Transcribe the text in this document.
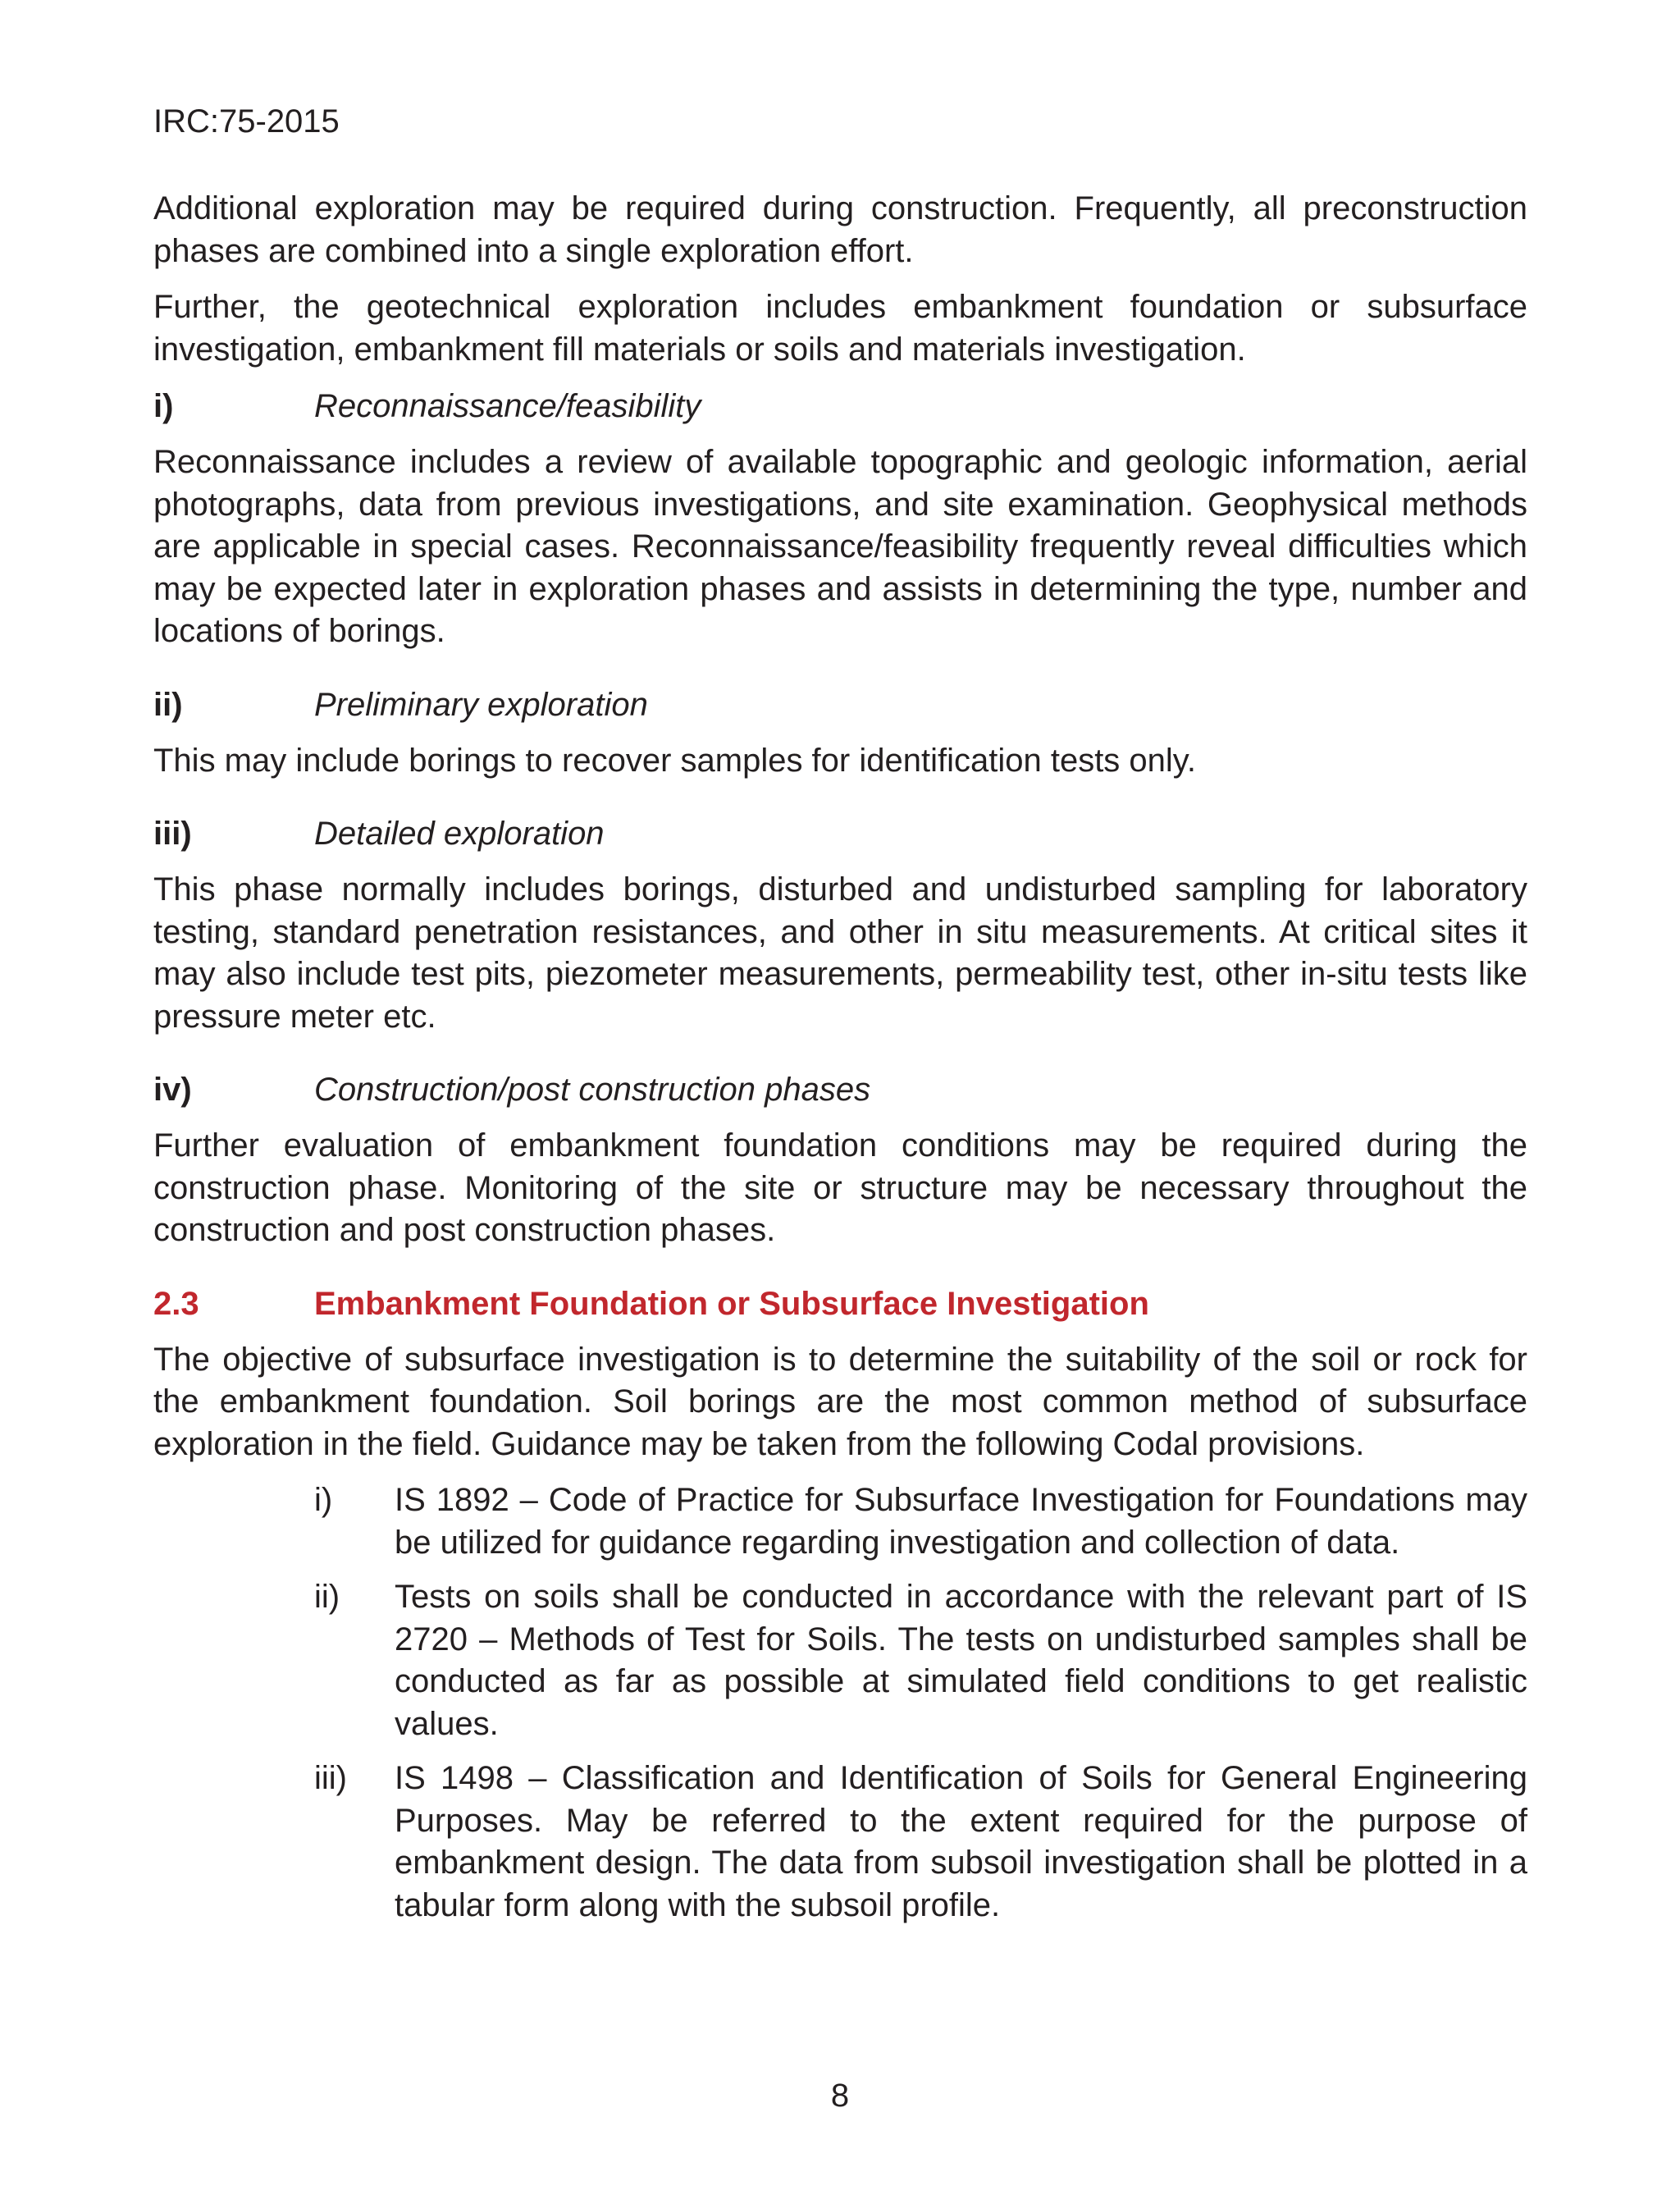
IRC:75-2015

Additional exploration may be required during construction. Frequently, all preconstruction phases are combined into a single exploration effort.

Further, the geotechnical exploration includes embankment foundation or subsurface investigation, embankment fill materials or soils and materials investigation.

i)	Reconnaissance/feasibility

Reconnaissance includes a review of available topographic and geologic information, aerial photographs, data from previous investigations, and site examination. Geophysical methods are applicable in special cases. Reconnaissance/feasibility frequently reveal difficulties which may be expected later in exploration phases and assists in determining the type, number and locations of borings.

ii)	Preliminary exploration

This may include borings to recover samples for identification tests only.

iii)	Detailed exploration

This phase normally includes borings, disturbed and undisturbed sampling for laboratory testing, standard penetration resistances, and other in situ measurements. At critical sites it may also include test pits, piezometer measurements, permeability test, other in-situ tests like pressure meter etc.

iv)	Construction/post construction phases

Further evaluation of embankment foundation conditions may be required during the construction phase. Monitoring of the site or structure may be necessary throughout the construction and post construction phases.

2.3	Embankment Foundation or Subsurface Investigation

The objective of subsurface investigation is to determine the suitability of the soil or rock for the embankment foundation. Soil borings are the most common method of subsurface exploration in the field. Guidance may be taken from the following Codal provisions.

i)	IS 1892 – Code of Practice for Subsurface Investigation for Foundations may be utilized for guidance regarding investigation and collection of data.
ii)	Tests on soils shall be conducted in accordance with the relevant part of IS 2720 – Methods of Test for Soils. The tests on undisturbed samples shall be conducted as far as possible at simulated field conditions to get realistic values.
iii)	IS 1498 – Classification and Identification of Soils for General Engineering Purposes. May be referred to the extent required for the purpose of embankment design. The data from subsoil investigation shall be plotted in a tabular form along with the subsoil profile.
8
